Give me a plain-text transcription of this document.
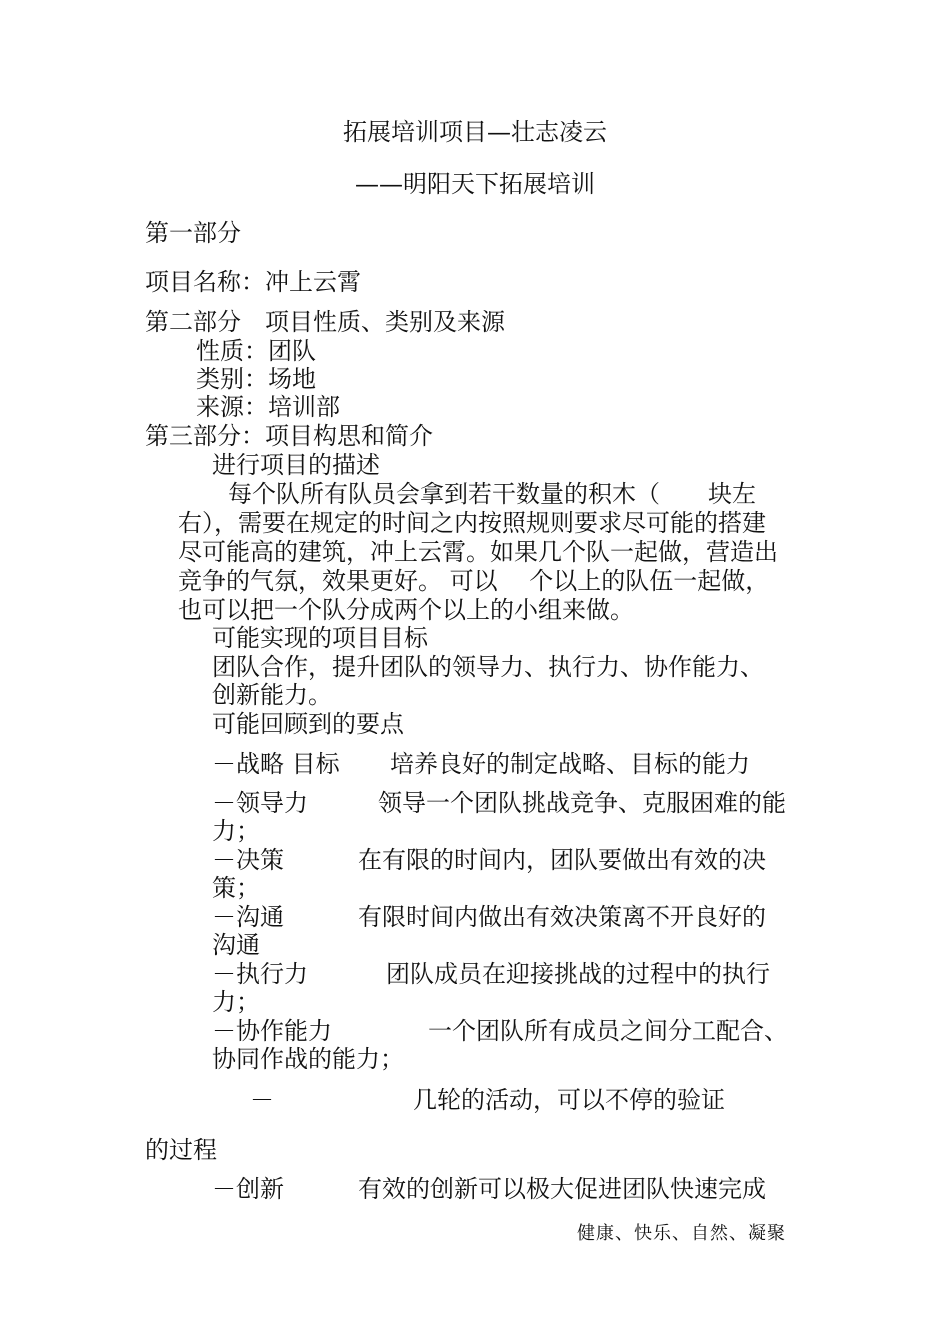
拓展培训项目—壮志凌云
——明阳天下拓展培训
第一部分
项目名称：冲上云霄
第二部分　项目性质、类别及来源
性质：团队
类别：场地
来源：培训部
第三部分：项目构思和简介
进行项目的描述
每个队所有队员会拿到若干数量的积木（　　块左
右），需要在规定的时间之内按照规则要求尽可能的搭建
尽可能高的建筑，冲上云霄。如果几个队一起做，营造出
竞争的气氛，效果更好。 可以 　个以上的队伍一起做，
也可以把一个队分成两个以上的小组来做。
可能实现的项目目标
团队合作，提升团队的领导力、执行力、协作能力、
创新能力。
可能回顾到的要点
－战略 目标 培养良好的制定战略、目标的能力
－领导力	领导一个团队挑战竞争、克服困难的能
力；
－决策	在有限的时间内，团队要做出有效的决
策；
－沟通	有限时间内做出有效决策离不开良好的
沟通
－执行力	团队成员在迎接挑战的过程中的执行
力；
－协作能力	一个团队所有成员之间分工配合、
协同作战的能力；
－	几轮的活动，可以不停的验证
的过程
－创新	有效的创新可以极大促进团队快速完成
健康、快乐、自然、凝聚
